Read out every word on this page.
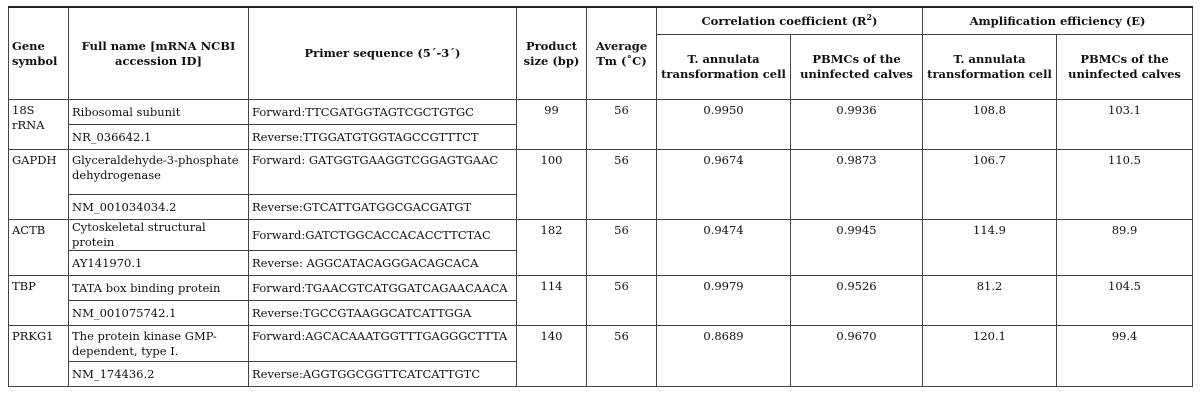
Gene symbol	Full name [mRNA NCBI accession ID]	Primer sequence (5´-3´)	Product size (bp)	Average Tm (˚C)	Correlation coefficient $(R^2)$		Amplification efficiency (E)	
					T. annulata transformation cell	PBMCs of the uninfected calves	T. annulata transformation cell	PBMCs of the uninfected calves
18S rRNA	Ribosomal subunit	Forward:TTCGATGGTAGTCGCTGTGC	99	56	0.9950	0.9936	108.8	103.1
	NR_036642.1	Reverse:TTGGATGTGGTAGCCGTTTCT						
GAPDH	Glyceraldehyde-3-phosphate dehydrogenase	Forward: GATGGTGAAGGTCGGAGTGAAC	100	56	0.9674	0.9873	106.7	110.5
	NM_001034034.2	Reverse:GTCATTGATGGCGACGATGT						
ACTB	Cytoskeletal structural protein	Forward:GATCTGGCACCACACCTTCTAC	182	56	0.9474	0.9945	114.9	89.9
	AY141970.1	Reverse: AGGCATACAGGGACAGCACA						
TBP	TATA box binding protein	Forward:TGAACGTCATGGATCAGAACAACA	114	56	0.9979	0.9526	81.2	104.5
	NM_001075742.1	Reverse:TGCCGTAAGGCATCATTGGA						
PRKG1	The protein kinase GMP-dependent, type I.	Forward:AGCACAAATGGTTTGAGGGCTTTA	140	56	0.8689	0.9670	120.1	99.4
	NM_174436.2	Reverse:AGGTGGCGGTTCATCATTGTC						
